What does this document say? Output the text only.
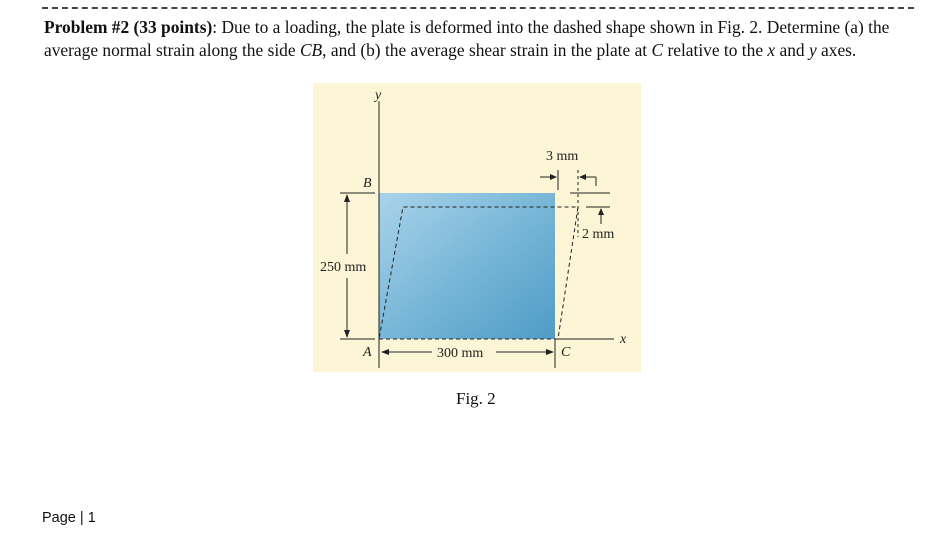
Problem #2 (33 points): Due to a loading, the plate is deformed into the dashed shape shown in Fig. 2. Determine (a) the average normal strain along the side CB, and (b) the average shear strain in the plate at C relative to the x and y axes.
y
x
B
A	C
250 mm
300 mm
3 mm
2 mm
Fig. 2
Page | 1
